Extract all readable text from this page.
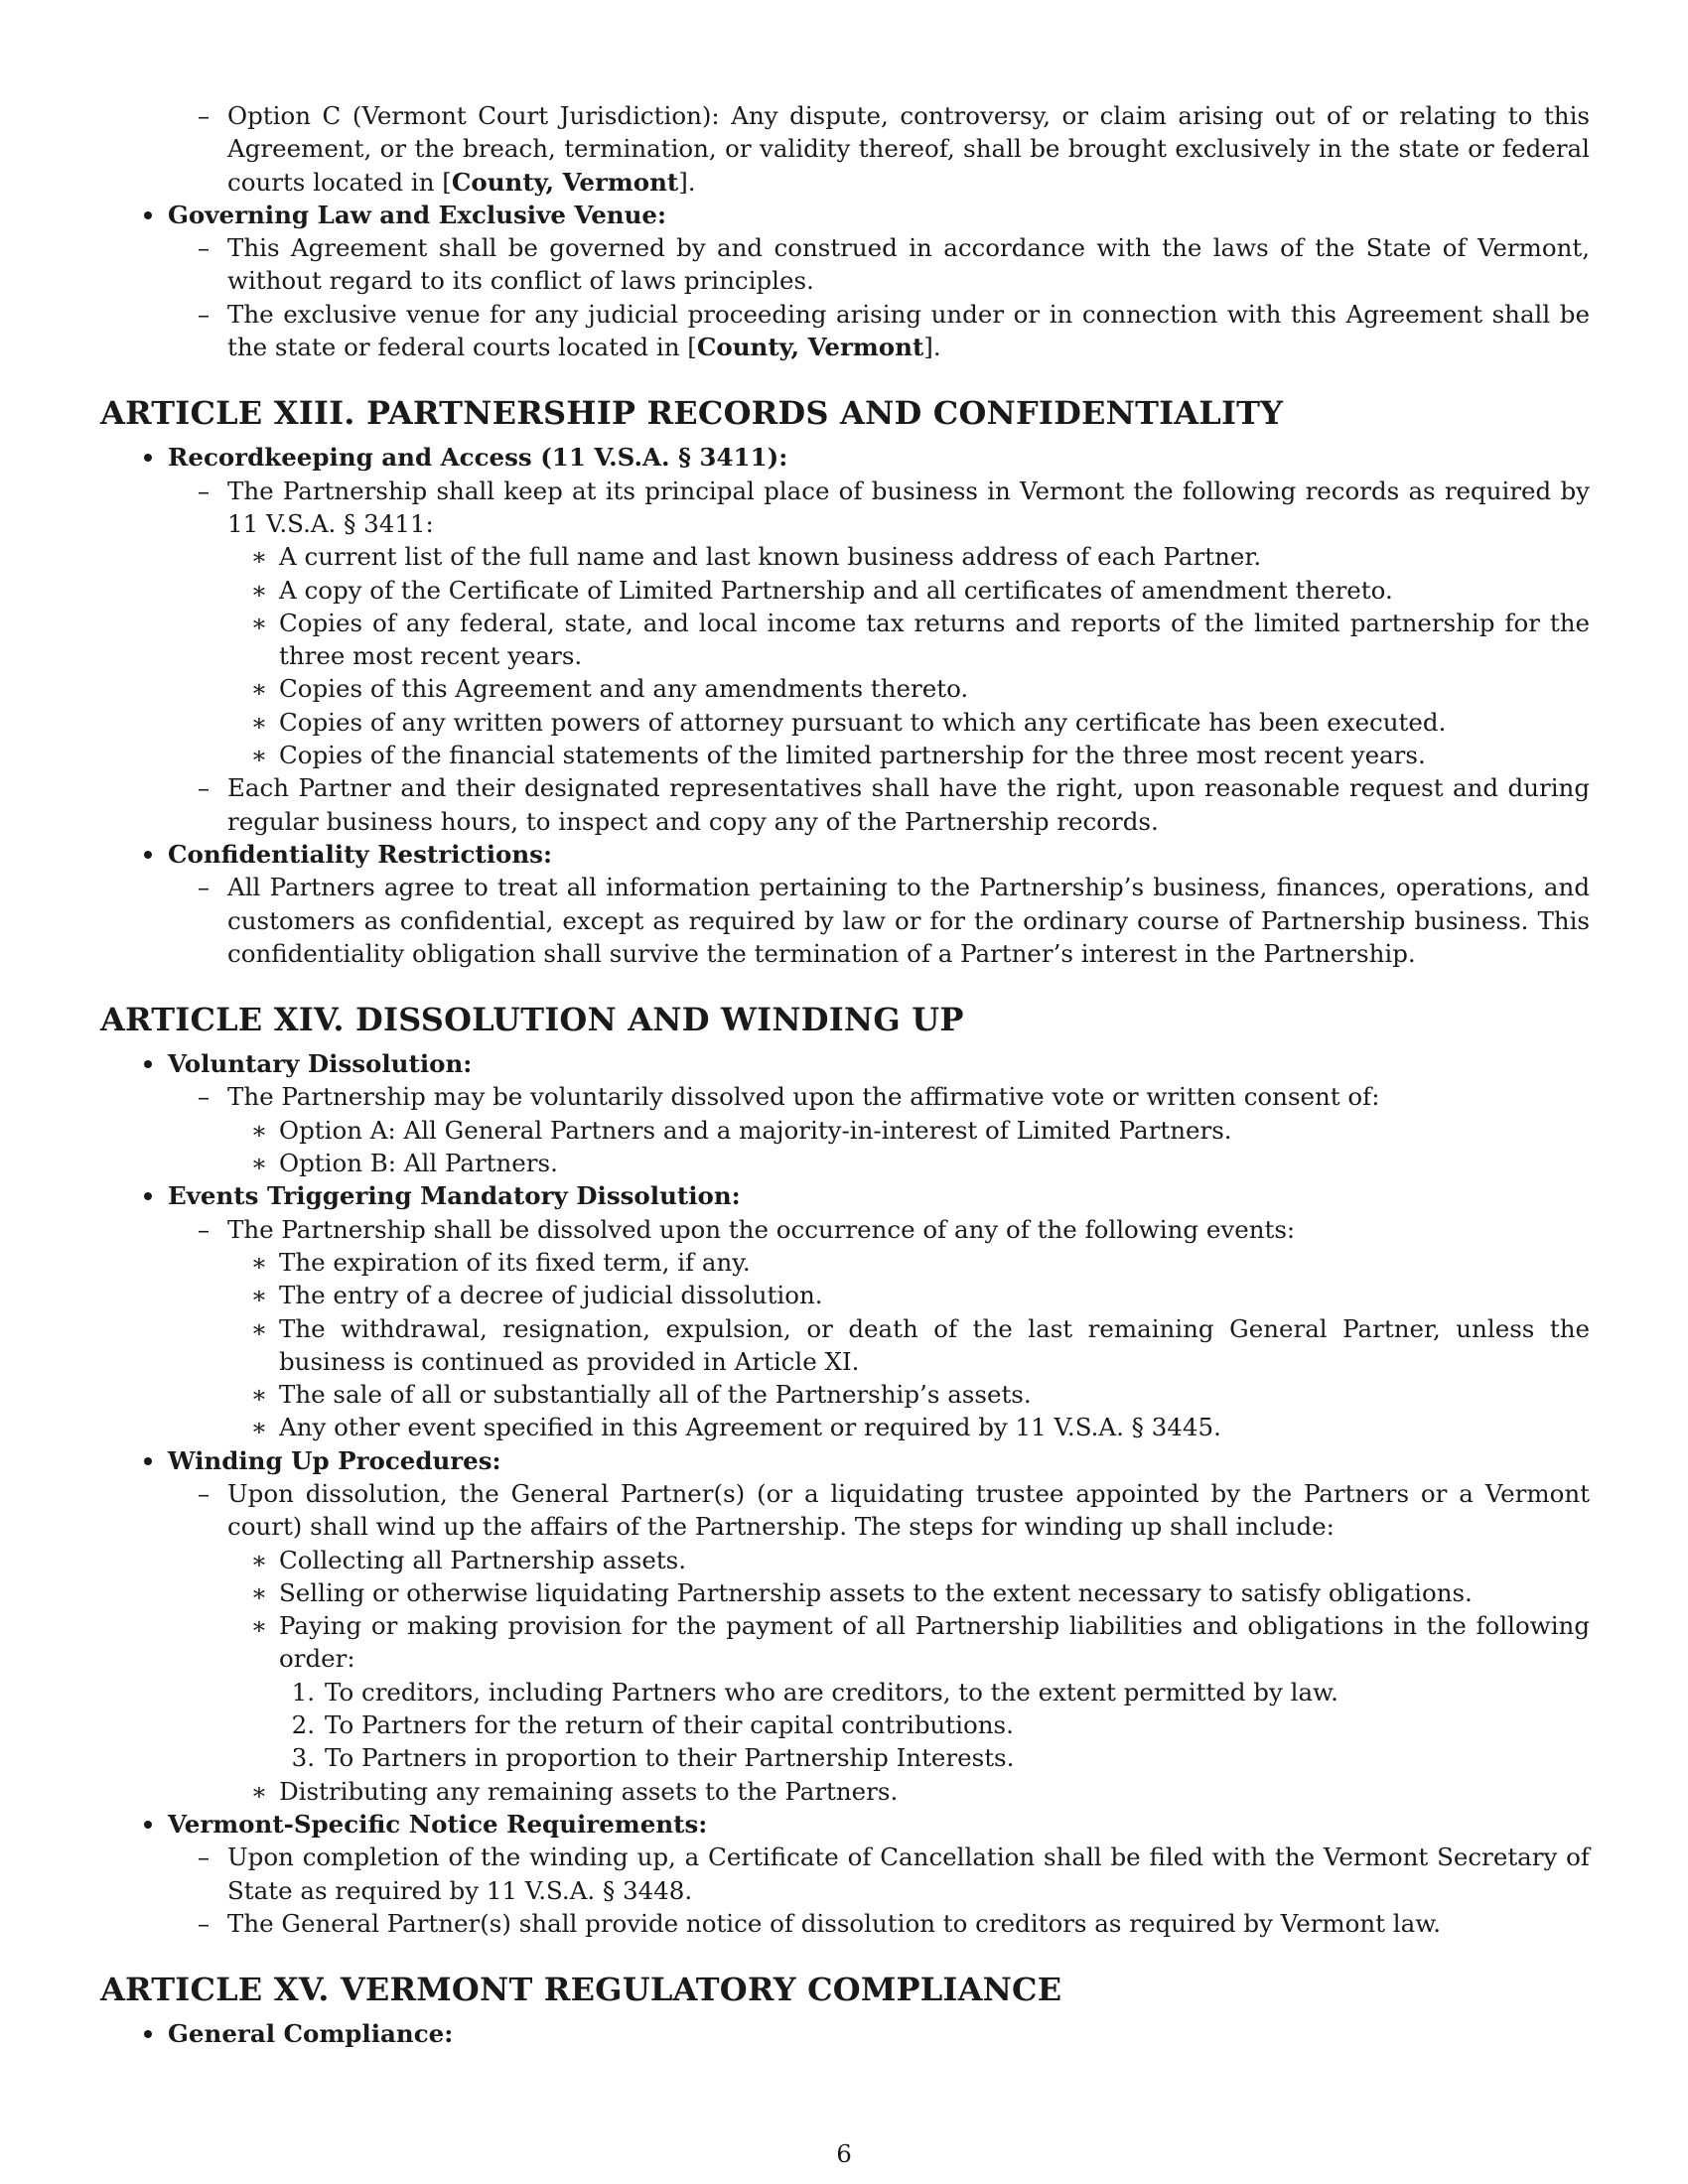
– Option C (Vermont Court Jurisdiction): Any dispute, controversy, or claim arising out of or relating to this Agreement, or the breach, termination, or validity thereof, shall be brought exclusively in the state or federal courts located in [County, Vermont].
Governing Law and Exclusive Venue:
– This Agreement shall be governed by and construed in accordance with the laws of the State of Vermont, without regard to its conflict of laws principles.
– The exclusive venue for any judicial proceeding arising under or in connection with this Agreement shall be the state or federal courts located in [County, Vermont].
ARTICLE XIII. PARTNERSHIP RECORDS AND CONFIDENTIALITY
Recordkeeping and Access (11 V.S.A. § 3411):
– The Partnership shall keep at its principal place of business in Vermont the following records as required by 11 V.S.A. § 3411:
∗ A current list of the full name and last known business address of each Partner.
∗ A copy of the Certificate of Limited Partnership and all certificates of amendment thereto.
∗ Copies of any federal, state, and local income tax returns and reports of the limited partnership for the three most recent years.
∗ Copies of this Agreement and any amendments thereto.
∗ Copies of any written powers of attorney pursuant to which any certificate has been executed.
∗ Copies of the financial statements of the limited partnership for the three most recent years.
– Each Partner and their designated representatives shall have the right, upon reasonable request and during regular business hours, to inspect and copy any of the Partnership records.
Confidentiality Restrictions:
– All Partners agree to treat all information pertaining to the Partnership’s business, finances, operations, and customers as confidential, except as required by law or for the ordinary course of Partnership business. This confidentiality obligation shall survive the termination of a Partner’s interest in the Partnership.
ARTICLE XIV. DISSOLUTION AND WINDING UP
Voluntary Dissolution:
– The Partnership may be voluntarily dissolved upon the affirmative vote or written consent of:
∗ Option A: All General Partners and a majority-in-interest of Limited Partners.
∗ Option B: All Partners.
Events Triggering Mandatory Dissolution:
– The Partnership shall be dissolved upon the occurrence of any of the following events:
∗ The expiration of its fixed term, if any.
∗ The entry of a decree of judicial dissolution.
∗ The withdrawal, resignation, expulsion, or death of the last remaining General Partner, unless the business is continued as provided in Article XI.
∗ The sale of all or substantially all of the Partnership’s assets.
∗ Any other event specified in this Agreement or required by 11 V.S.A. § 3445.
Winding Up Procedures:
– Upon dissolution, the General Partner(s) (or a liquidating trustee appointed by the Partners or a Vermont court) shall wind up the affairs of the Partnership. The steps for winding up shall include:
∗ Collecting all Partnership assets.
∗ Selling or otherwise liquidating Partnership assets to the extent necessary to satisfy obligations.
∗ Paying or making provision for the payment of all Partnership liabilities and obligations in the following order:
1. To creditors, including Partners who are creditors, to the extent permitted by law.
2. To Partners for the return of their capital contributions.
3. To Partners in proportion to their Partnership Interests.
∗ Distributing any remaining assets to the Partners.
Vermont-Specific Notice Requirements:
– Upon completion of the winding up, a Certificate of Cancellation shall be filed with the Vermont Secretary of State as required by 11 V.S.A. § 3448.
– The General Partner(s) shall provide notice of dissolution to creditors as required by Vermont law.
ARTICLE XV. VERMONT REGULATORY COMPLIANCE
General Compliance:
6
